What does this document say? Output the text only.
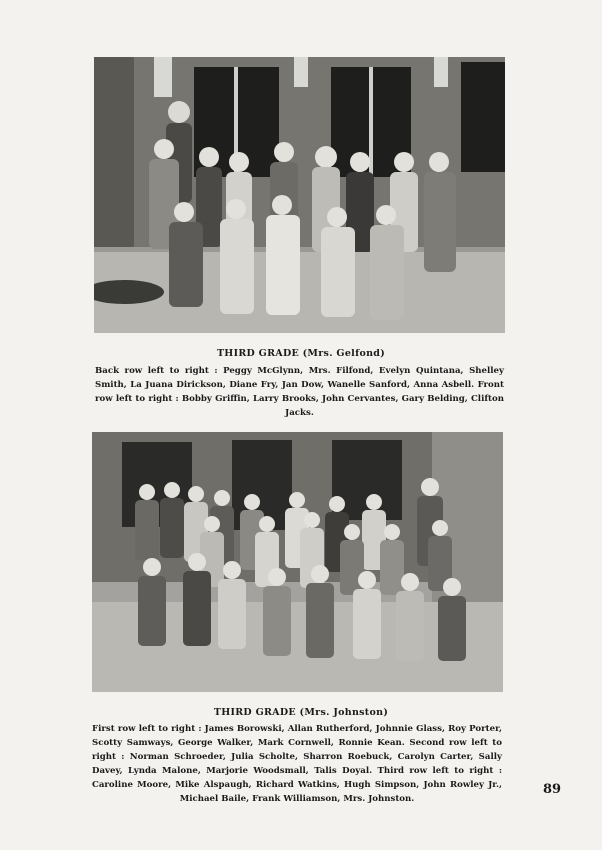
THIRD GRADE (Mrs. Gelfond)
Back row left to right : Peggy McGlynn, Mrs. Filfond, Evelyn Quintana, Shelley Smith, La Juana Dirickson, Diane Fry, Jan Dow, Wanelle Sanford, Anna Asbell. Front row left to right : Bobby Griffin, Larry Brooks, John Cervantes, Gary Belding, Clifton Jacks.
THIRD GRADE (Mrs. Johnston)
First row left to right : James Borowski, Allan Rutherford, Johnnie Glass, Roy Porter, Scotty Samways, George Walker, Mark Cornwell, Ronnie Kean. Second row left to right : Norman Schroeder, Julia Scholte, Sharron Roebuck, Carolyn Carter, Sally Davey, Lynda Malone, Marjorie Woodsmall, Talis Doyal. Third row left to right : Caroline Moore, Mike Alspaugh, Richard Watkins, Hugh Simpson, John Rowley Jr., Michael Baile, Frank Williamson, Mrs. Johnston.
89
